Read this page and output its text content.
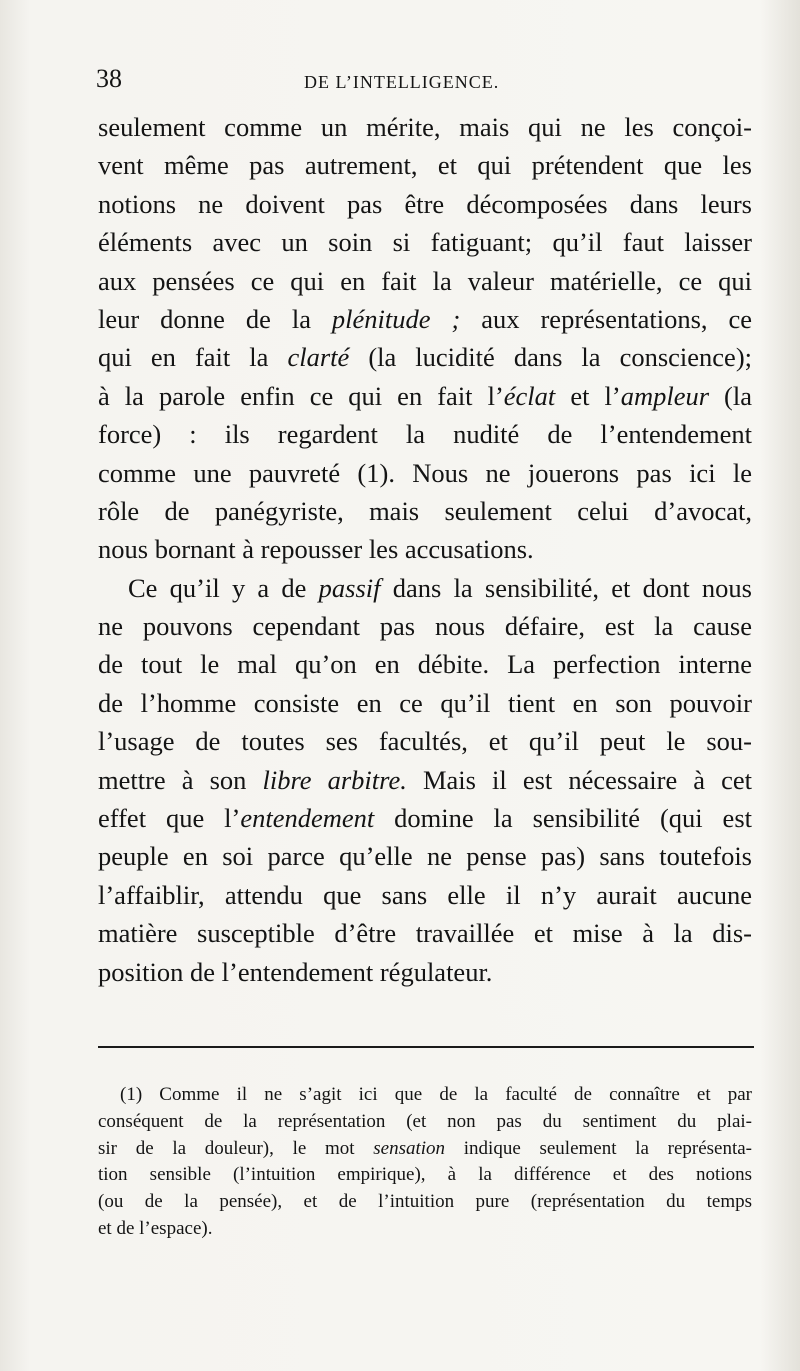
38	DE L’INTELLIGENCE.
seulement comme un mérite, mais qui ne les conçoi-
vent même pas autrement, et qui prétendent que les
notions ne doivent pas être décomposées dans leurs
éléments avec un soin si fatiguant; qu’il faut laisser
aux pensées ce qui en fait la valeur matérielle, ce qui
leur donne de la plénitude ; aux représentations, ce
qui en fait la clarté (la lucidité dans la conscience);
à la parole enfin ce qui en fait l’éclat et l’ampleur (la
force) : ils regardent la nudité de l’entendement
comme une pauvreté (1). Nous ne jouerons pas ici le
rôle de panégyriste, mais seulement celui d’avocat,
nous bornant à repousser les accusations.
Ce qu’il y a de passif dans la sensibilité, et dont nous
ne pouvons cependant pas nous défaire, est la cause
de tout le mal qu’on en débite. La perfection interne
de l’homme consiste en ce qu’il tient en son pouvoir
l’usage de toutes ses facultés, et qu’il peut le sou-
mettre à son libre arbitre. Mais il est nécessaire à cet
effet que l’entendement domine la sensibilité (qui est
peuple en soi parce qu’elle ne pense pas) sans toutefois
l’affaiblir, attendu que sans elle il n’y aurait aucune
matière susceptible d’être travaillée et mise à la dis-
position de l’entendement régulateur.
(1) Comme il ne s’agit ici que de la faculté de connaître et par
conséquent de la représentation (et non pas du sentiment du plai-
sir de la douleur), le mot sensation indique seulement la représenta-
tion sensible (l’intuition empirique), à la différence et des notions
(ou de la pensée), et de l’intuition pure (représentation du temps
et de l’espace).
